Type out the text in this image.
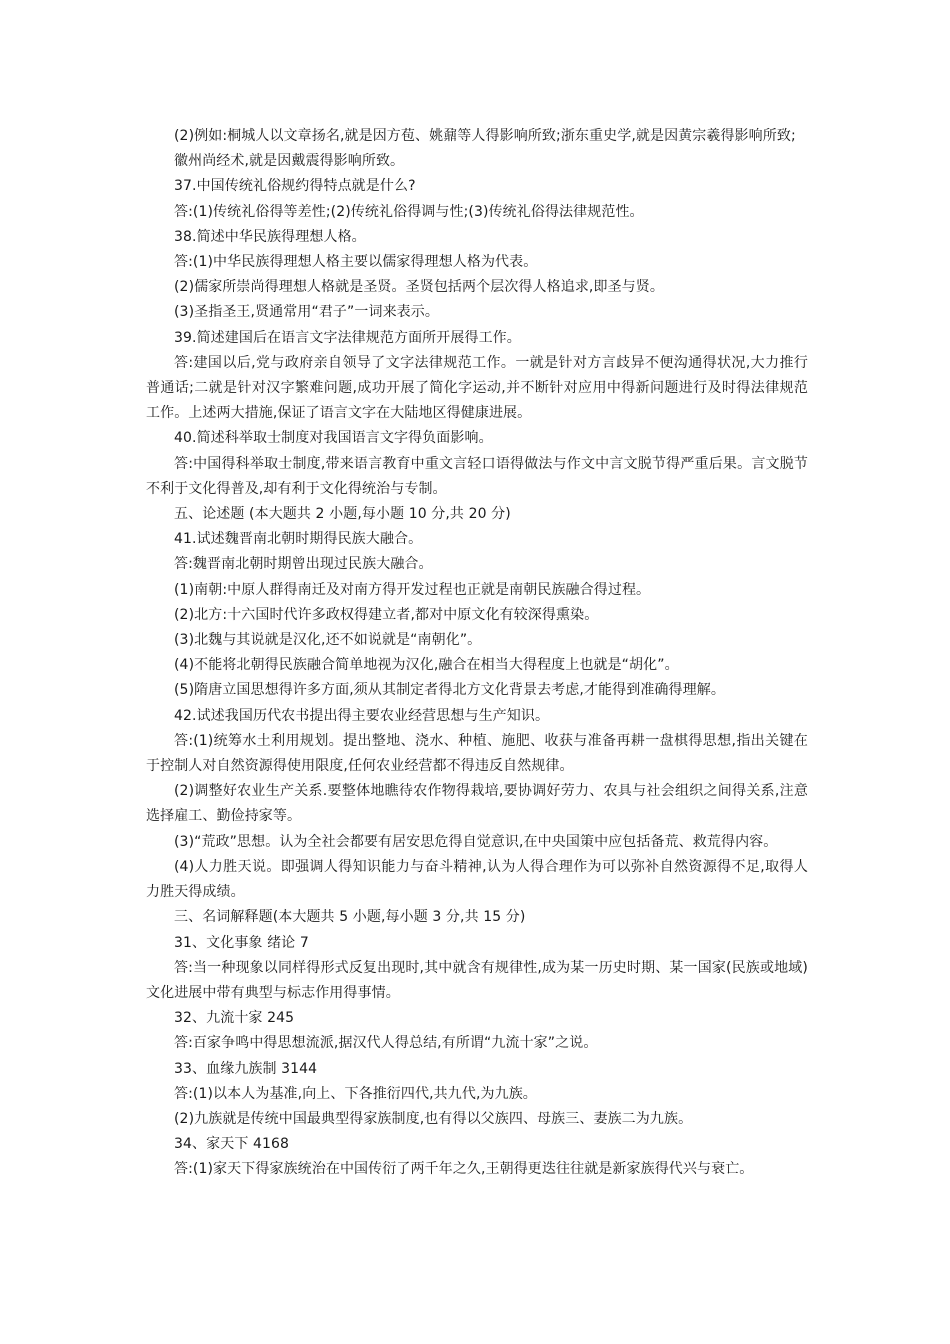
(2)例如:桐城人以文章扬名,就是因方苞、姚鼐等人得影响所致;浙东重史学,就是因黄宗羲得影响所致;

徽州尚经术,就是因戴震得影响所致。

37.中国传统礼俗规约得特点就是什么?

答:(1)传统礼俗得等差性;(2)传统礼俗得调与性;(3)传统礼俗得法律规范性。

38.简述中华民族得理想人格。

答:(1)中华民族得理想人格主要以儒家得理想人格为代表。

(2)儒家所崇尚得理想人格就是圣贤。圣贤包括两个层次得人格追求,即圣与贤。

(3)圣指圣王,贤通常用“君子”一词来表示。

39.简述建国后在语言文字法律规范方面所开展得工作。

答:建国以后,党与政府亲自领导了文字法律规范工作。一就是针对方言歧异不便沟通得状况,大力推行普通话;二就是针对汉字繁难问题,成功开展了简化字运动,并不断针对应用中得新问题进行及时得法律规范工作。上述两大措施,保证了语言文字在大陆地区得健康进展。

40.简述科举取士制度对我国语言文字得负面影响。

答:中国得科举取士制度,带来语言教育中重文言轻口语得做法与作文中言文脱节得严重后果。言文脱节不利于文化得普及,却有利于文化得统治与专制。

五、论述题 (本大题共 2 小题,每小题 10 分,共 20 分)

41.试述魏晋南北朝时期得民族大融合。

答:魏晋南北朝时期曾出现过民族大融合。

(1)南朝:中原人群得南迁及对南方得开发过程也正就是南朝民族融合得过程。

(2)北方:十六国时代许多政权得建立者,都对中原文化有较深得熏染。

(3)北魏与其说就是汉化,还不如说就是“南朝化”。

(4)不能将北朝得民族融合简单地视为汉化,融合在相当大得程度上也就是“胡化”。

(5)隋唐立国思想得许多方面,须从其制定者得北方文化背景去考虑,才能得到准确得理解。

42.试述我国历代农书提出得主要农业经营思想与生产知识。

答:(1)统筹水土利用规划。提出整地、浇水、种植、施肥、收获与准备再耕一盘棋得思想,指出关键在于控制人对自然资源得使用限度,任何农业经营都不得违反自然规律。

(2)调整好农业生产关系.要整体地瞧待农作物得栽培,要协调好劳力、农具与社会组织之间得关系,注意选择雇工、勤俭持家等。

(3)“荒政”思想。认为全社会都要有居安思危得自觉意识,在中央国策中应包括备荒、救荒得内容。

(4)人力胜天说。即强调人得知识能力与奋斗精神,认为人得合理作为可以弥补自然资源得不足,取得人力胜天得成绩。

三、名词解释题(本大题共 5 小题,每小题 3 分,共 15 分)

31、文化事象 绪论 7

答:当一种现象以同样得形式反复出现时,其中就含有规律性,成为某一历史时期、某一国家(民族或地域)文化进展中带有典型与标志作用得事情。

32、九流十家 245

答:百家争鸣中得思想流派,据汉代人得总结,有所谓“九流十家”之说。

33、血缘九族制 3144

答:(1)以本人为基准,向上、下各推衍四代,共九代,为九族。

(2)九族就是传统中国最典型得家族制度,也有得以父族四、母族三、妻族二为九族。

34、家天下 4168

答:(1)家天下得家族统治在中国传衍了两千年之久,王朝得更迭往往就是新家族得代兴与衰亡。
